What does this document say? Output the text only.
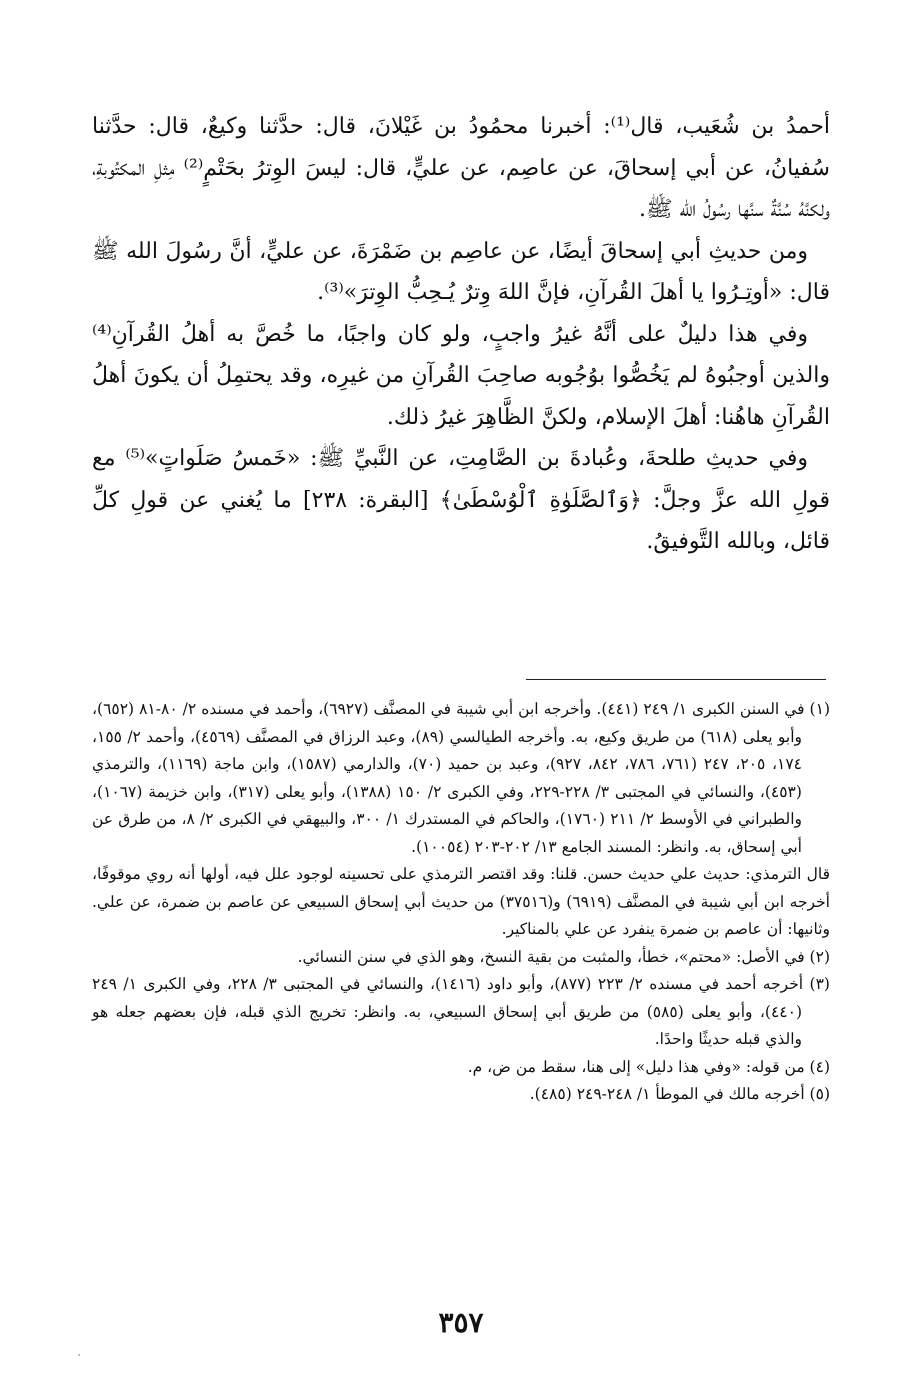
أحمدُ بن شُعَيب، قال⁽¹⁾: أخبرنا محمُودُ بن غَيْلانَ، قال: حدَّثنا وكيعٌ، قال: حدَّثنا سُفيانُ، عن أبي إسحاقَ، عن عاصِم، عن عليٍّ، قال: ليسَ الوِترُ بحَتْمٍ⁽²⁾ مِثلِ المكتُوبةِ، ولكنَّهُ سُنَّةٌ سنَّها رسُولُ الله ﷺ.

ومن حديثِ أبي إسحاقَ أيضًا، عن عاصِم بن ضَمْرَةَ، عن عليٍّ، أنَّ رسُولَ الله ﷺ قال: «أوتِـرُوا يا أهلَ القُرآنِ، فإنَّ اللهَ وِترٌ يُـحِبُّ الوِترَ»⁽³⁾.

وفي هذا دليلٌ على أنَّهُ غيرُ واجبٍ، ولو كان واجبًا، ما خُصَّ به أهلُ القُرآنِ⁽⁴⁾ والذين أوجبُوهُ لم يَخُصُّوا بوُجُوبه صاحِبَ القُرآنِ من غيرِه، وقد يحتمِلُ أن يكونَ أهلُ القُرآنِ هاهُنا: أهلَ الإسلام، ولكنَّ الظَّاهِرَ غيرُ ذلك.

وفي حديثِ طلحةَ، وعُبادةَ بن الصَّامِتِ، عن النَّبيِّ ﷺ: «خَمسُ صَلَواتٍ»⁽⁵⁾ مع قولِ الله عزَّ وجلَّ: ﴿وَٱلصَّلَوٰةِ ٱلْوُسْطَىٰ﴾ [البقرة: ٢٣٨] ما يُغني عن قولِ كلِّ قائل، وبالله التَّوفيقُ.

(١) في السنن الكبرى ١/ ٢٤٩ (٤٤١). وأخرجه ابن أبي شيبة في المصنَّف (٦٩٢٧)، وأحمد في مسنده ٢/ ٨٠-٨١ (٦٥٢)، وأبو يعلى (٦١٨) من طريق وكيع، به. وأخرجه الطيالسي (٨٩)، وعبد الرزاق في المصنَّف (٤٥٦٩)، وأحمد ٢/ ١٥٥، ١٧٤، ٢٠٥، ٢٤٧ (٧٦١، ٧٨٦، ٨٤٢، ٩٢٧)، وعبد بن حميد (٧٠)، والدارمي (١٥٨٧)، وابن ماجة (١١٦٩)، والترمذي (٤٥٣)، والنسائي في المجتبى ٣/ ٢٢٨-٢٢٩، وفي الكبرى ٢/ ١٥٠ (١٣٨٨)، وأبو يعلى (٣١٧)، وابن خزيمة (١٠٦٧)، والطبراني في الأوسط ٢/ ٢١١ (١٧٦٠)، والحاكم في المستدرك ١/ ٣٠٠، والبيهقي في الكبرى ٢/ ٨، من طرق عن أبي إسحاق، به. وانظر: المسند الجامع ١٣/ ٢٠٢-٢٠٣ (١٠٠٥٤).

قال الترمذي: حديث علي حديث حسن. قلنا: وقد اقتصر الترمذي على تحسينه لوجود علل فيه، أولها أنه روي موقوفًا، أخرجه ابن أبي شيبة في المصنَّف (٦٩١٩) و(٣٧٥١٦) من حديث أبي إسحاق السبيعي عن عاصم بن ضمرة، عن علي. وثانيها: أن عاصم بن ضمرة ينفرد عن علي بالمناكير.

(٢) في الأصل: «محتم»، خطأ، والمثبت من بقية النسخ، وهو الذي في سنن النسائي.

(٣) أخرجه أحمد في مسنده ٢/ ٢٢٣ (٨٧٧)، وأبو داود (١٤١٦)، والنسائي في المجتبى ٣/ ٢٢٨، وفي الكبرى ١/ ٢٤٩ (٤٤٠)، وأبو يعلى (٥٨٥) من طريق أبي إسحاق السبيعي، به. وانظر: تخريج الذي قبله، فإن بعضهم جعله هو والذي قبله حديثًا واحدًا.

(٤) من قوله: «وفي هذا دليل» إلى هنا، سقط من ض، م.

(٥) أخرجه مالك في الموطأ ١/ ٢٤٨-٢٤٩ (٤٨٥).

٣٥٧
